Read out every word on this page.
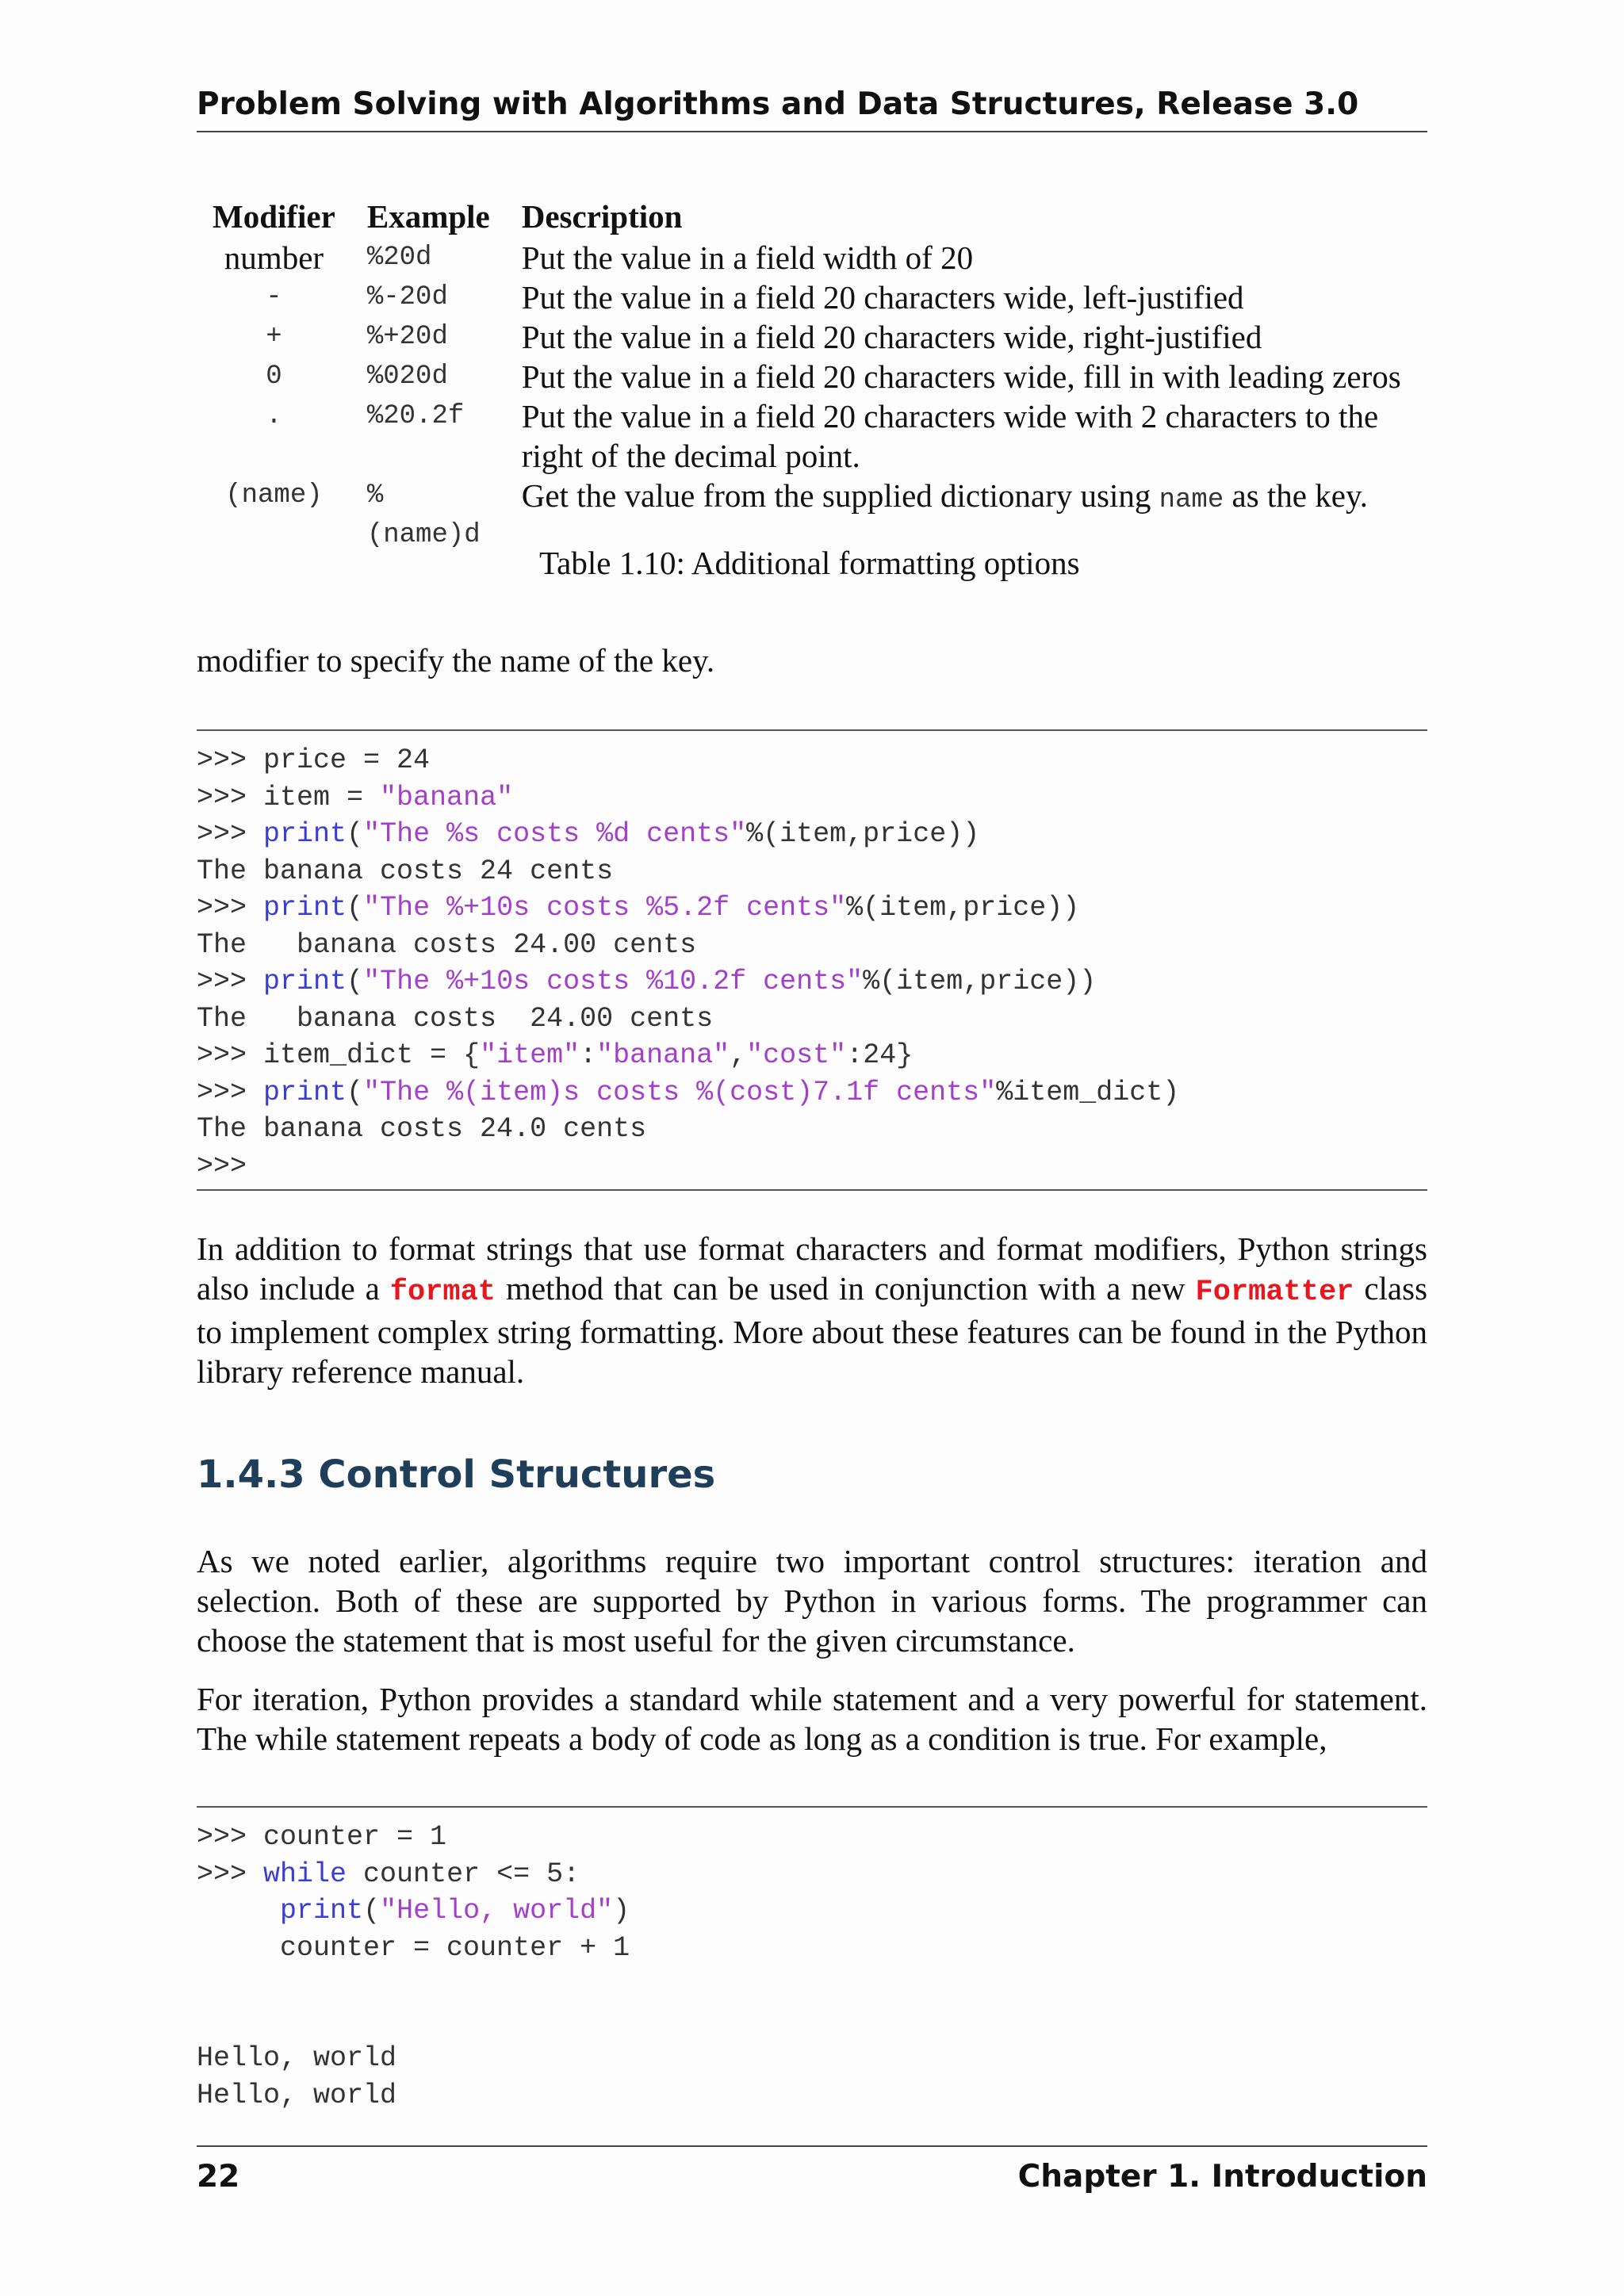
Problem Solving with Algorithms and Data Structures, Release 3.0
Modifier	Example	Description
number	%20d	Put the value in a field width of 20
-	%-20d	Put the value in a field 20 characters wide, left-justified
+	%+20d	Put the value in a field 20 characters wide, right-justified
0	%020d	Put the value in a field 20 characters wide, fill in with leading zeros
.	%20.2f	Put the value in a field 20 characters wide with 2 characters to the right of the decimal point.
(name)	%(name)d	Get the value from the supplied dictionary using name as the key.
Table 1.10: Additional formatting options
modifier to specify the name of the key.
>>> price = 24
>>> item = "banana"
>>> print("The %s costs %d cents"%(item,price))
The banana costs 24 cents
>>> print("The %+10s costs %5.2f cents"%(item,price))
The   banana costs 24.00 cents
>>> print("The %+10s costs %10.2f cents"%(item,price))
The   banana costs  24.00 cents
>>> item_dict = {"item":"banana","cost":24}
>>> print("The %(item)s costs %(cost)7.1f cents"%item_dict)
The banana costs 24.0 cents
>>>
In addition to format strings that use format characters and format modifiers, Python strings also include a format method that can be used in conjunction with a new Formatter class to implement complex string formatting. More about these features can be found in the Python library reference manual.
1.4.3 Control Structures
As we noted earlier, algorithms require two important control structures: iteration and selection. Both of these are supported by Python in various forms. The programmer can choose the statement that is most useful for the given circumstance.
For iteration, Python provides a standard while statement and a very powerful for statement. The while statement repeats a body of code as long as a condition is true. For example,
>>> counter = 1
>>> while counter <= 5:
print("Hello, world")
counter = counter + 1
Hello, world
Hello, world
22	Chapter 1. Introduction
